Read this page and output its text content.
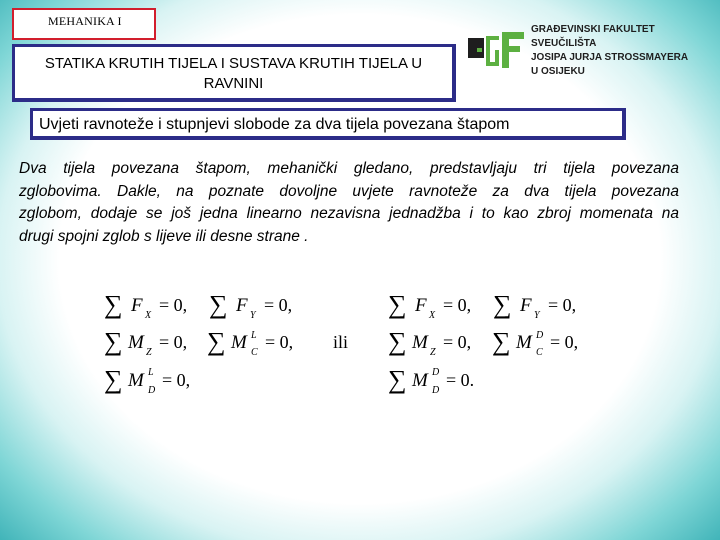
MEHANIKA I
STATIKA KRUTIH TIJELA I SUSTAVA KRUTIH TIJELA U RAVNINI
GRAĐEVINSKI FAKULTET
SVEUČILIŠTA
JOSIPA JURJA STROSSMAYERA
U OSIJEKU
Uvjeti ravnoteže i stupnjevi slobode za dva tijela povezana štapom
Dva tijela povezana štapom, mehanički gledano, predstavljaju tri tijela povezana
zglobovima. Dakle, na poznate dovoljne uvjete ravnoteže za dva tijela povezana
zglobom, dodaje se još jedna linearno nezavisna jednadžba i to kao zbroj momenata na
drugi spojni zglob s lijeve ili desne strane .
∑ F X
= 0, ∑ F Y
= 0,
∑ M Z
= 0, ∑ M L
C
= 0,
∑ M L
D
= 0,
ili
∑ F X
= 0, ∑ F Y
= 0,
∑ M Z
= 0, ∑ M D
C
= 0,
∑ M D
D
= 0.
